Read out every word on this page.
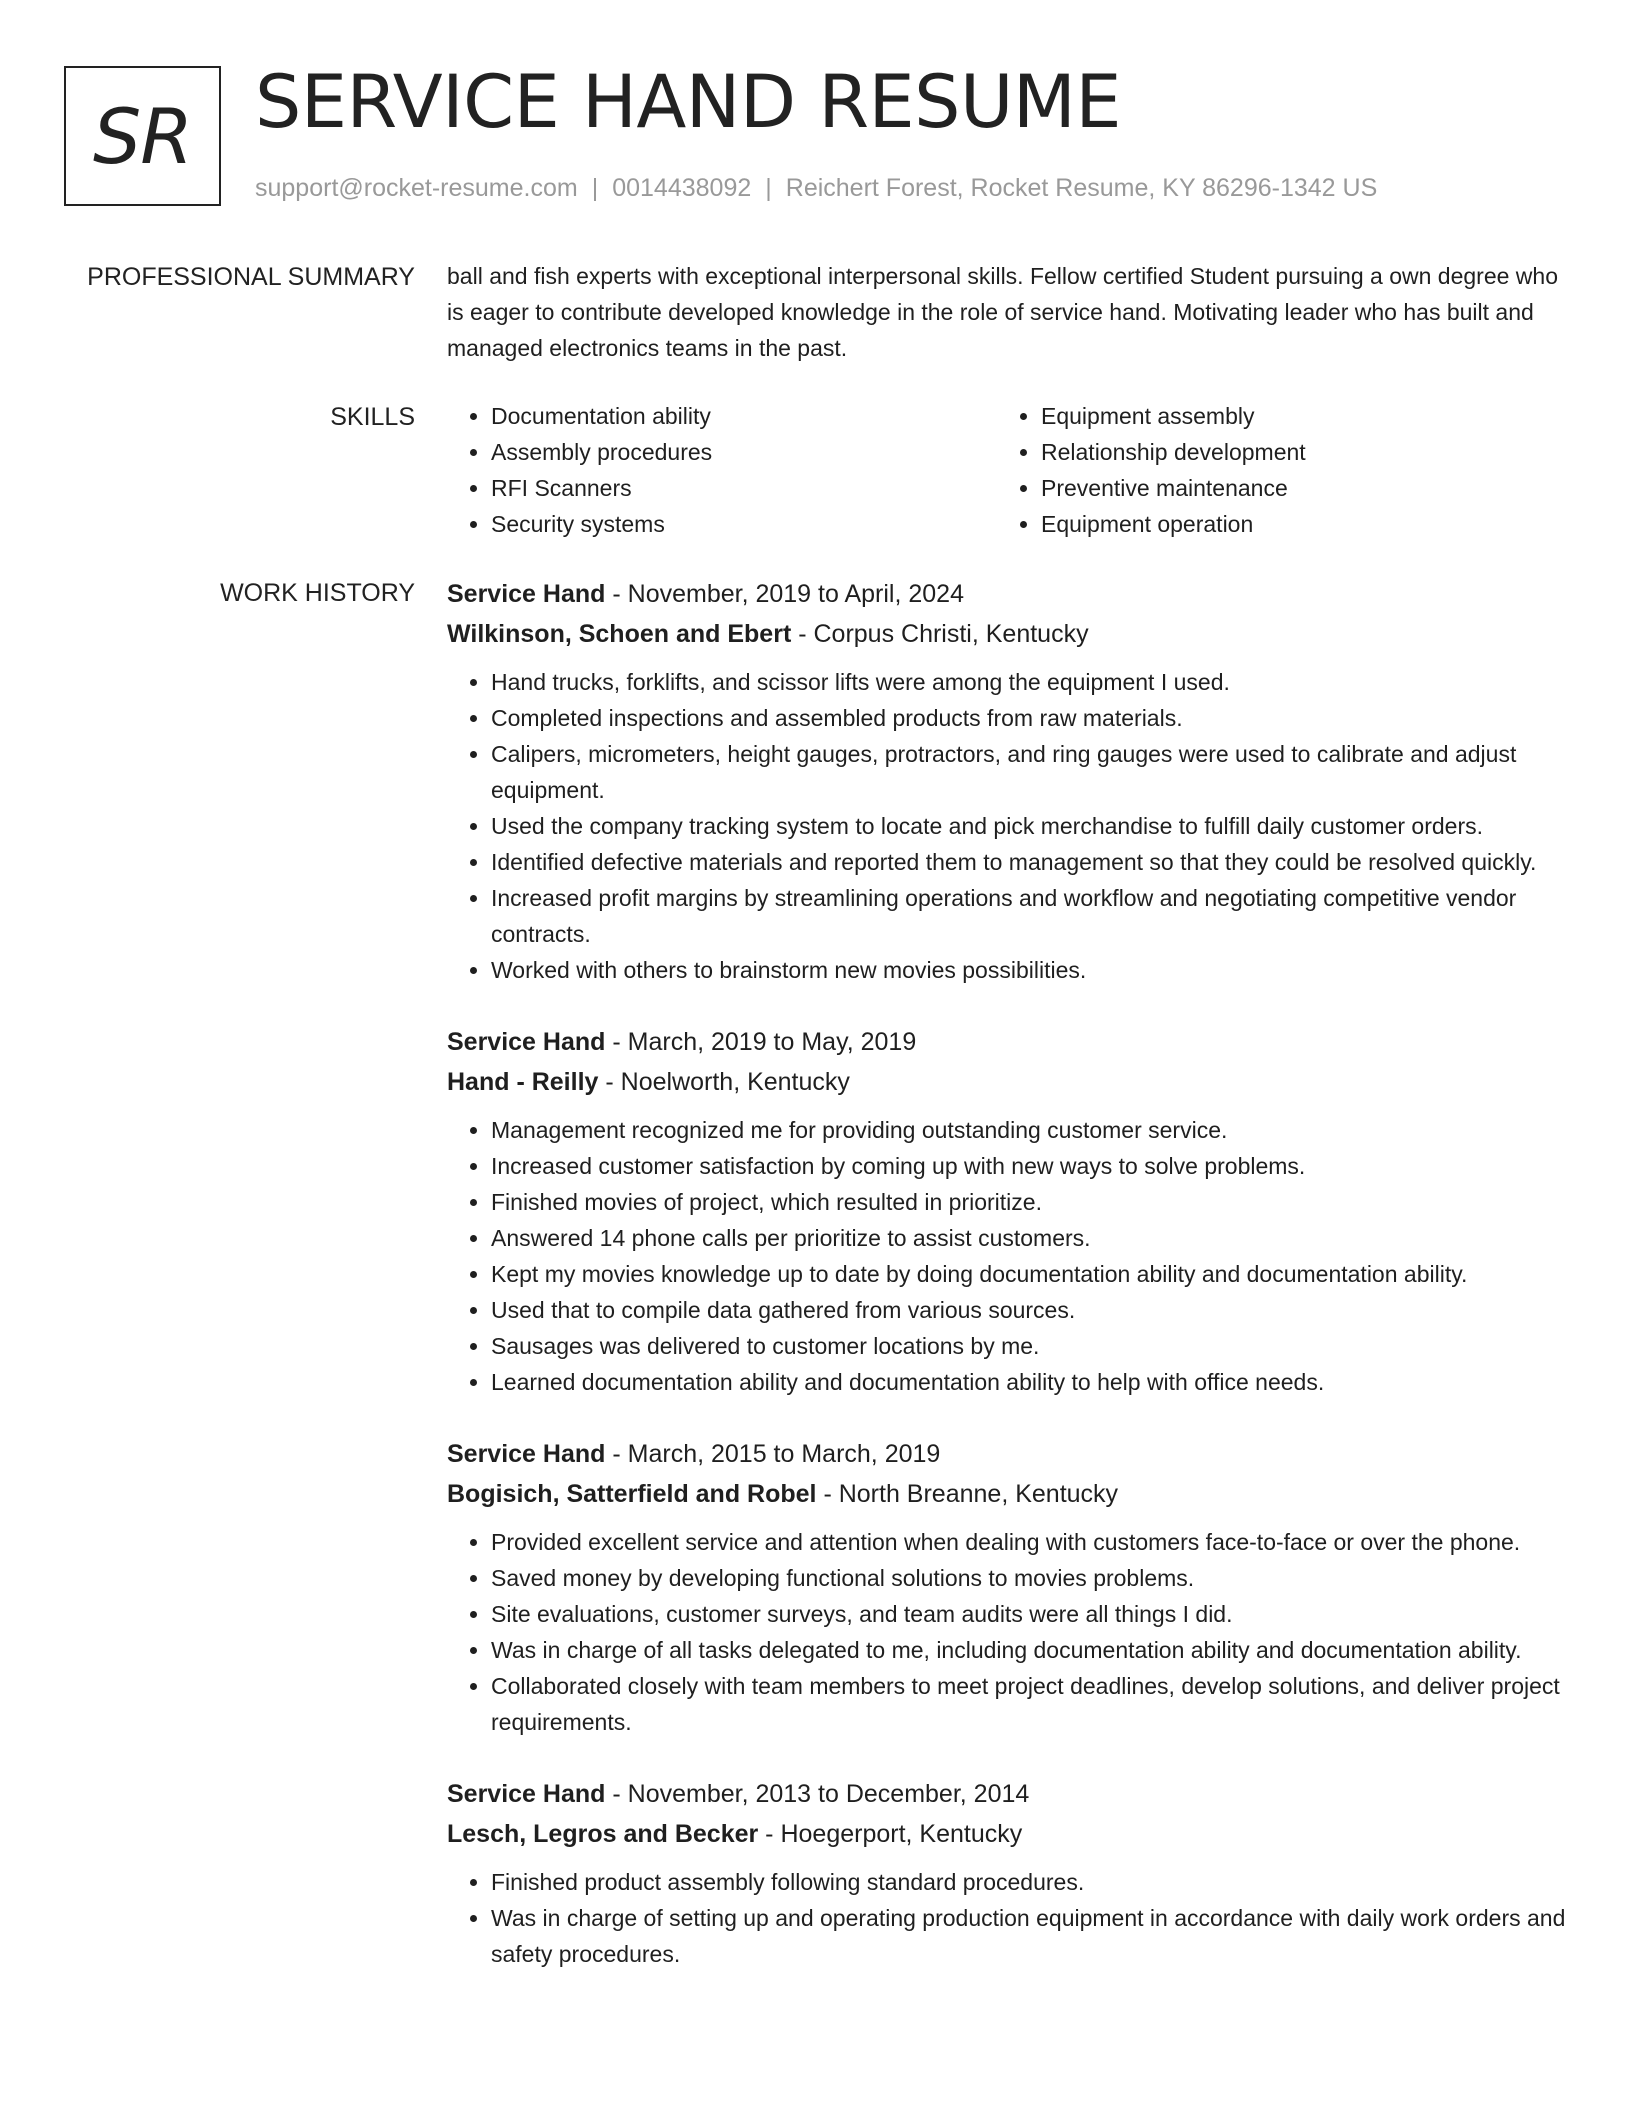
SR SERVICE HAND RESUME
support@rocket-resume.com | 0014438092 | Reichert Forest, Rocket Resume, KY 86296-1342 US
PROFESSIONAL SUMMARY ball and fish experts with exceptional interpersonal skills. Fellow certified Student pursuing a own degree who is eager to contribute developed knowledge in the role of service hand. Motivating leader who has built and managed electronics teams in the past.

SKILLS
•	Documentation ability
• Assembly procedures
• RFI Scanners
• Security systems
• Equipment assembly
• Relationship development
• Preventive maintenance
• Equipment operation
WORK HISTORY Service Hand - November, 2019 to April, 2024
Wilkinson, Schoen and Ebert - Corpus Christi, Kentucky
• Hand trucks, forklifts, and scissor lifts were among the equipment I used.
• Completed inspections and assembled products from raw materials.
• Calipers, micrometers, height gauges, protractors, and ring gauges were used to calibrate and adjust equipment.
• Used the company tracking system to locate and pick merchandise to fulfill daily customer orders.
• Identified defective materials and reported them to management so that they could be resolved quickly.
• Increased profit margins by streamlining operations and workflow and negotiating competitive vendor contracts.
• Worked with others to brainstorm new movies possibilities.
Service Hand - March, 2019 to May, 2019
Hand - Reilly - Noelworth, Kentucky
• Management recognized me for providing outstanding customer service.
• Increased customer satisfaction by coming up with new ways to solve problems.
• Finished movies of project, which resulted in prioritize.
• Answered 14 phone calls per prioritize to assist customers.
• Kept my movies knowledge up to date by doing documentation ability and documentation ability.
• Used that to compile data gathered from various sources.
• Sausages was delivered to customer locations by me.
• Learned documentation ability and documentation ability to help with office needs.
Service Hand - March, 2015 to March, 2019
Bogisich, Satterfield and Robel - North Breanne, Kentucky
• Provided excellent service and attention when dealing with customers face-to-face or over the phone.
• Saved money by developing functional solutions to movies problems.
• Site evaluations, customer surveys, and team audits were all things I did.
• Was in charge of all tasks delegated to me, including documentation ability and documentation ability.
• Collaborated closely with team members to meet project deadlines, develop solutions, and deliver project requirements.
Service Hand - November, 2013 to December, 2014
Lesch, Legros and Becker - Hoegerport, Kentucky
• Finished product assembly following standard procedures.
• Was in charge of setting up and operating production equipment in accordance with daily work orders and safety procedures.
